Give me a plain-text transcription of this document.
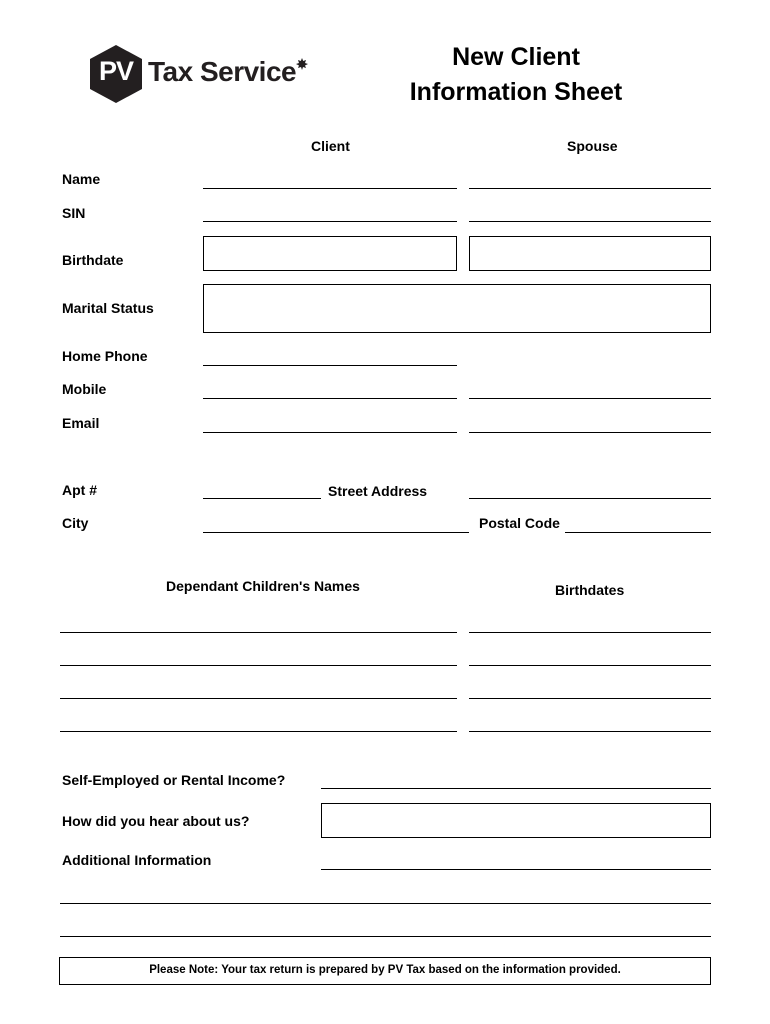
PV Tax Service	New Client
Information Sheet
Client	Spouse
Name
SIN
Birthdate
Marital Status
Home Phone
Mobile
Email
Apt #	Street Address
City	Postal Code
Dependant Children's Names	Birthdates
Self-Employed or Rental Income?
How did you hear about us?
Additional Information
Please Note: Your tax return is prepared by PV Tax based on the information provided.
